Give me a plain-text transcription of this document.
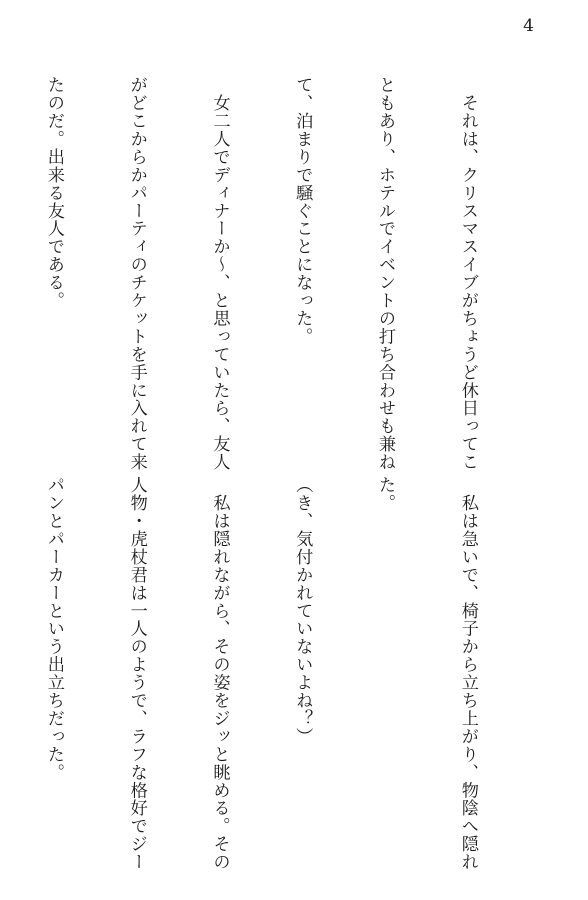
4

　それは、クリスマスイブがちょうど休日ってこ

ともあり、ホテルでイベントの打ち合わせも兼ね

て、泊まりで騒ぐことになった。

　女二人でディナーか〜、と思っていたら、友人

がどこからかパーティのチケットを手に入れて来

たのだ。出来る友人である。

　私は急いで、椅子から立ち上がり、物陰へ隠れ

た。

（き、気付かれていないよね？）

　私は隠れながら、その姿をジッと眺める。その

人物・虎杖君は一人のようで、ラフな格好でジー

パンとパーカーという出立ちだった。
